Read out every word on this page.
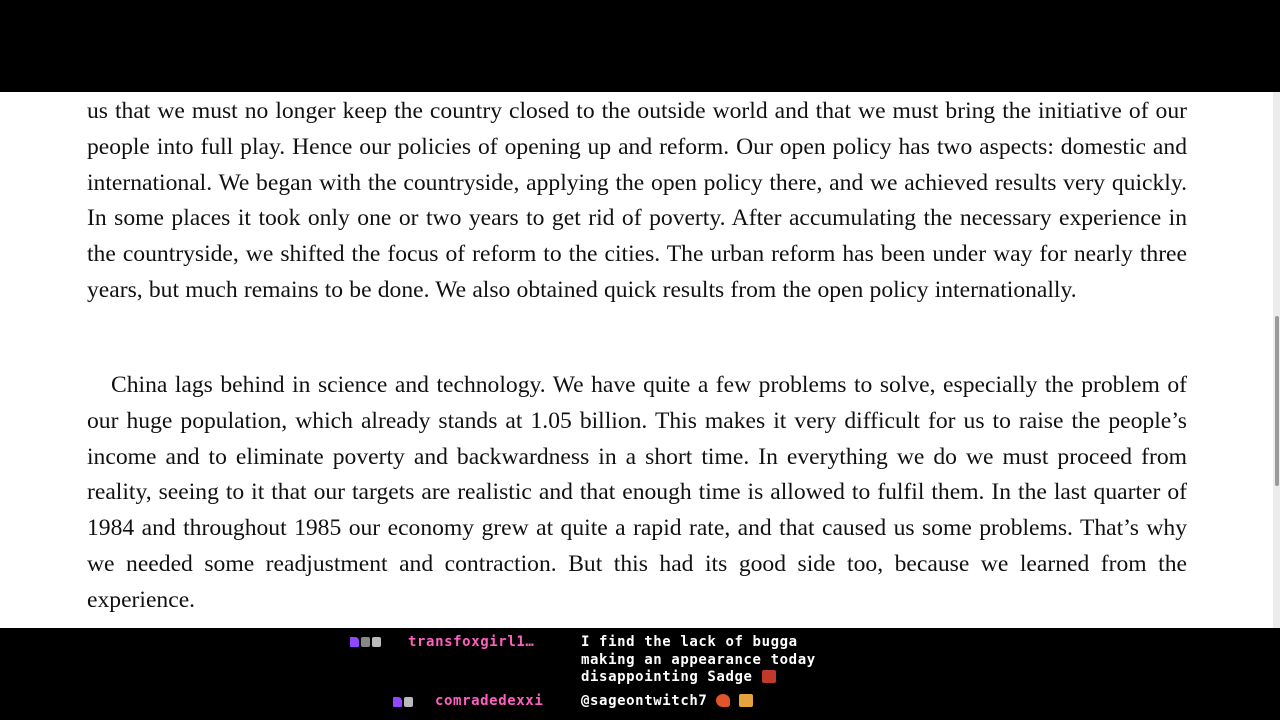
us that we must no longer keep the country closed to the outside world and that we must bring the initiative of our people into full play. Hence our policies of opening up and reform. Our open policy has two aspects: domestic and international. We began with the countryside, applying the open policy there, and we achieved results very quickly. In some places it took only one or two years to get rid of poverty. After accumulating the necessary experience in the countryside, we shifted the focus of reform to the cities. The urban reform has been under way for nearly three years, but much remains to be done. We also obtained quick results from the open policy internationally.

China lags behind in science and technology. We have quite a few problems to solve, especially the problem of our huge population, which already stands at 1.05 billion. This makes it very difficult for us to raise the people’s income and to eliminate poverty and backwardness in a short time. In everything we do we must proceed from reality, seeing to it that our targets are realistic and that enough time is allowed to fulfil them. In the last quarter of 1984 and throughout 1985 our economy grew at quite a rapid rate, and that caused us some problems. That’s why we needed some readjustment and contraction. But this had its good side too, because we learned from the experience.

transfoxgirl1…	I find the lack of bugga
making an appearance today
disappointing Sadge
comradedexxi	@sageontwitch7
